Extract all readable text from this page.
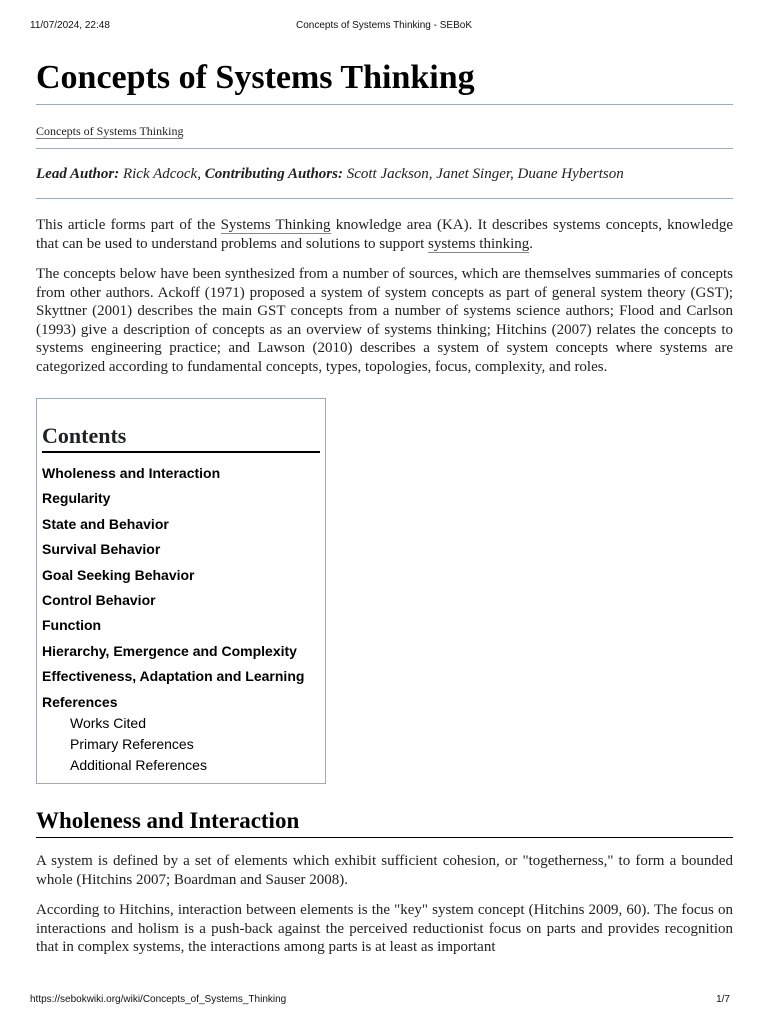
11/07/2024, 22:48	Concepts of Systems Thinking - SEBoK
Concepts of Systems Thinking
Concepts of Systems Thinking
Lead Author: Rick Adcock, Contributing Authors: Scott Jackson, Janet Singer, Duane Hybertson

This article forms part of the Systems Thinking knowledge area (KA). It describes systems concepts, knowledge that can be used to understand problems and solutions to support systems thinking.

The concepts below have been synthesized from a number of sources, which are themselves summaries of concepts from other authors. Ackoff (1971) proposed a system of system concepts as part of general system theory (GST); Skyttner (2001) describes the main GST concepts from a number of systems science authors; Flood and Carlson (1993) give a description of concepts as an overview of systems thinking; Hitchins (2007) relates the concepts to systems engineering practice; and Lawson (2010) describes a system of system concepts where systems are categorized according to fundamental concepts, types, topologies, focus, complexity, and roles.

Contents
Wholeness and Interaction
Regularity
State and Behavior
Survival Behavior
Goal Seeking Behavior
Control Behavior
Function
Hierarchy, Emergence and Complexity
Effectiveness, Adaptation and Learning
References
Works Cited
Primary References
Additional References
Wholeness and Interaction

A system is defined by a set of elements which exhibit sufficient cohesion, or "togetherness," to form a bounded whole (Hitchins 2007; Boardman and Sauser 2008).

According to Hitchins, interaction between elements is the "key" system concept (Hitchins 2009, 60). The focus on interactions and holism is a push-back against the perceived reductionist focus on parts and provides recognition that in complex systems, the interactions among parts is at least as important

https://sebokwiki.org/wiki/Concepts_of_Systems_Thinking	1/7
